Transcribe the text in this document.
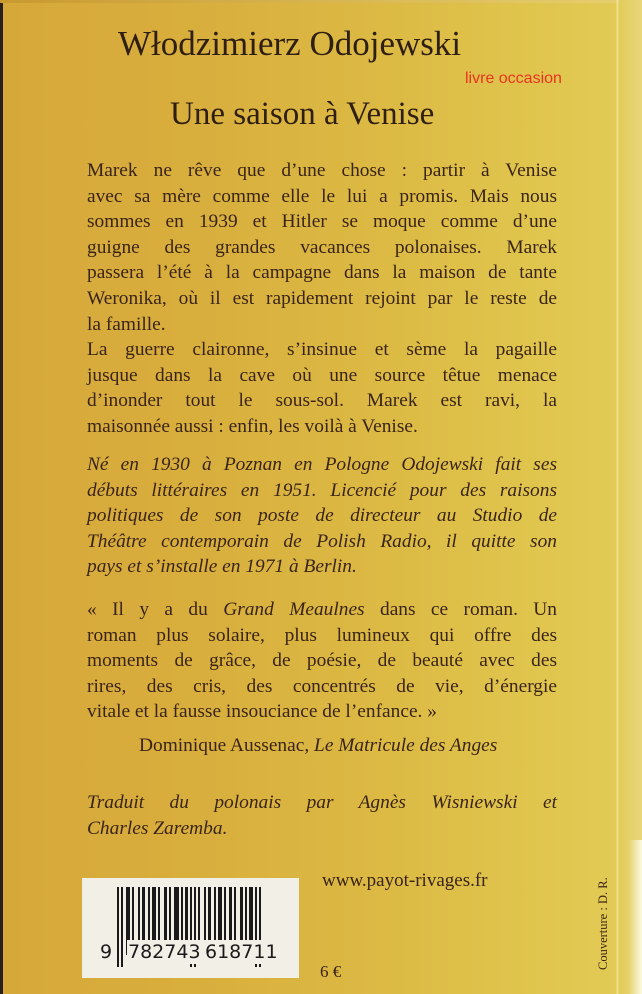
Włodzimierz Odojewski
livre occasion
Une saison à Venise
Marek ne rêve que d’une chose : partir à Venise
avec sa mère comme elle le lui a promis. Mais nous
sommes en 1939 et Hitler se moque comme d’une
guigne des grandes vacances polonaises. Marek
passera l’été à la campagne dans la maison de tante
Weronika, où il est rapidement rejoint par le reste de
la famille.
La guerre claironne, s’insinue et sème la pagaille
jusque dans la cave où une source têtue menace
d’inonder tout le sous-sol. Marek est ravi, la
maisonnée aussi : enfin, les voilà à Venise.
Né en 1930 à Poznan en Pologne Odojewski fait ses
débuts littéraires en 1951. Licencié pour des raisons
politiques de son poste de directeur au Studio de
Théâtre contemporain de Polish Radio, il quitte son
pays et s’installe en 1971 à Berlin.
« Il y a du Grand Meaulnes dans ce roman. Un
roman plus solaire, plus lumineux qui offre des
moments de grâce, de poésie, de beauté avec des
rires, des cris, des concentrés de vie, d’énergie
vitale et la fausse insouciance de l’enfance. »
Dominique Aussenac, Le Matricule des Anges
Traduit du polonais par Agnès Wisniewski et
Charles Zaremba.
9 782743 618711
www.payot-rivages.fr
6 €
Couverture : D. R.
